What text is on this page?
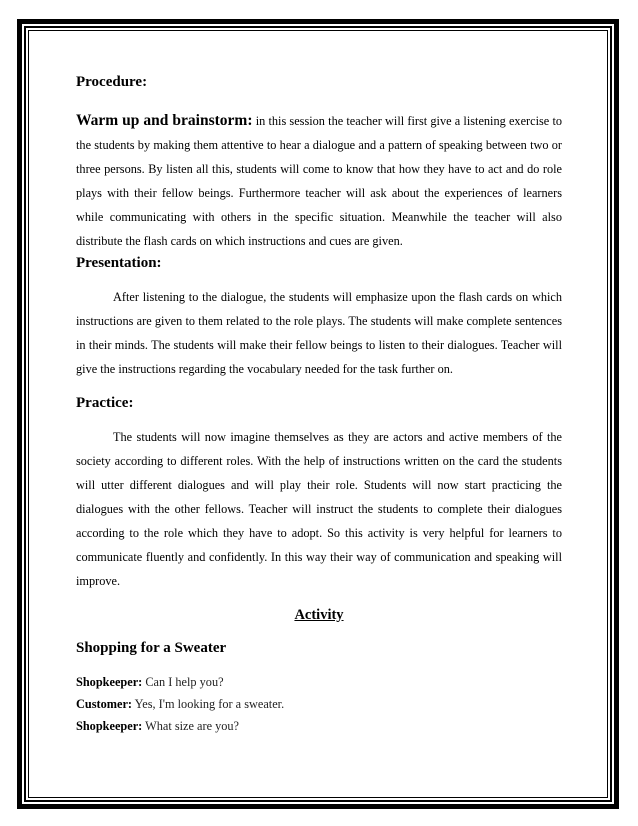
Procedure:

Warm up and brainstorm: in this session the teacher will first give a listening exercise to the students by making them attentive to hear a dialogue and a pattern of speaking between two or three persons. By listen all this, students will come to know that how they have to act and do role plays with their fellow beings. Furthermore teacher will ask about the experiences of learners while communicating with others in the specific situation. Meanwhile the teacher will also distribute the flash cards on which instructions and cues are given.

Presentation:

After listening to the dialogue, the students will emphasize upon the flash cards on which instructions are given to them related to the role plays. The students will make complete sentences in their minds. The students will make their fellow beings to listen to their dialogues. Teacher will give the instructions regarding the vocabulary needed for the task further on.

Practice:

The students will now imagine themselves as they are actors and active members of the society according to different roles. With the help of instructions written on the card the students will utter different dialogues and will play their role. Students will now start practicing the dialogues with the other fellows. Teacher will instruct the students to complete their dialogues according to the role which they have to adopt. So this activity is very helpful for learners to communicate fluently and confidently. In this way their way of communication and speaking will improve.

Activity
Shopping for a Sweater

Shopkeeper: Can I help you?

Customer: Yes, I'm looking for a sweater.

Shopkeeper: What size are you?
